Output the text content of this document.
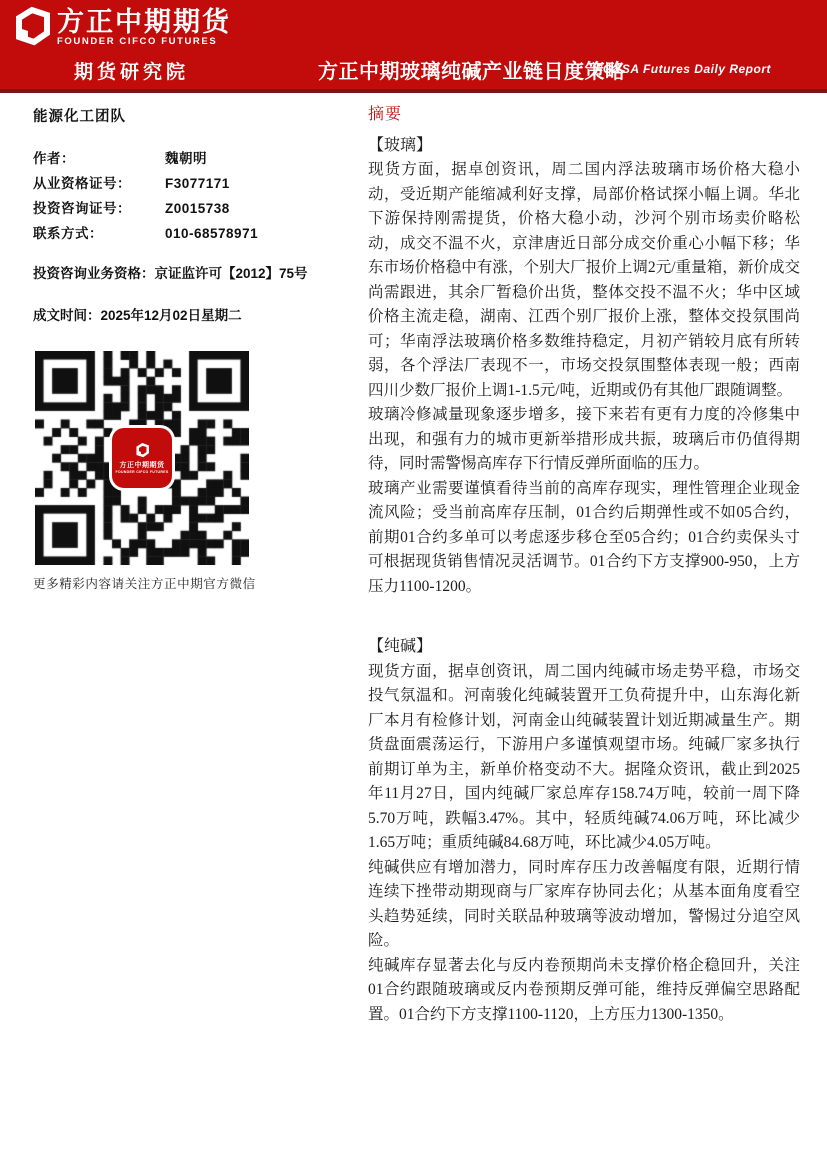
方正中期期货
FOUNDER CIFCO FUTURES
期货研究院	方正中期玻璃纯碱产业链日度策略
FG&SA Futures Daily Report
能源化工团队
作者：	魏朝明
从业资格证号：	F3077171
投资咨询证号：	Z0015738
联系方式：	010-68578971
投资咨询业务资格：京证监许可【2012】75号
成文时间：2025年12月02日星期二
方正中期期货
FOUNDER CIFCO FUTURES
更多精彩内容请关注方正中期官方微信
摘要
【玻璃】

现货方面，据卓创资讯，周二国内浮法玻璃市场价格大稳小动，受近期产能缩减利好支撑，局部价格试探小幅上调。华北下游保持刚需提货，价格大稳小动，沙河个别市场卖价略松动，成交不温不火，京津唐近日部分成交价重心小幅下移；华东市场价格稳中有涨，个别大厂报价上调2元/重量箱，新价成交尚需跟进，其余厂暂稳价出货，整体交投不温不火；华中区域价格主流走稳，湖南、江西个别厂报价上涨，整体交投氛围尚可；华南浮法玻璃价格多数维持稳定，月初产销较月底有所转弱，各个浮法厂表现不一，市场交投氛围整体表现一般；西南四川少数厂报价上调1-1.5元/吨，近期或仍有其他厂跟随调整。

玻璃冷修减量现象逐步增多，接下来若有更有力度的冷修集中出现，和强有力的城市更新举措形成共振，玻璃后市仍值得期待，同时需警惕高库存下行情反弹所面临的压力。

玻璃产业需要谨慎看待当前的高库存现实，理性管理企业现金流风险；受当前高库存压制，01合约后期弹性或不如05合约，前期01合约多单可以考虑逐步移仓至05合约；01合约卖保头寸可根据现货销售情况灵活调节。01合约下方支撑900-950，上方压力1100-1200。

【纯碱】

现货方面，据卓创资讯，周二国内纯碱市场走势平稳，市场交投气氛温和。河南骏化纯碱装置开工负荷提升中，山东海化新厂本月有检修计划，河南金山纯碱装置计划近期减量生产。期货盘面震荡运行，下游用户多谨慎观望市场。纯碱厂家多执行前期订单为主，新单价格变动不大。据隆众资讯，截止到2025年11月27日，国内纯碱厂家总库存158.74万吨，较前一周下降5.70万吨，跌幅3.47%。其中，轻质纯碱74.06万吨，环比减少1.65万吨；重质纯碱84.68万吨，环比减少4.05万吨。

纯碱供应有增加潜力，同时库存压力改善幅度有限，近期行情连续下挫带动期现商与厂家库存协同去化；从基本面角度看空头趋势延续，同时关联品种玻璃等波动增加，警惕过分追空风险。

纯碱库存显著去化与反内卷预期尚未支撑价格企稳回升，关注01合约跟随玻璃或反内卷预期反弹可能，维持反弹偏空思路配置。01合约下方支撑1100-1120，上方压力1300-1350。
